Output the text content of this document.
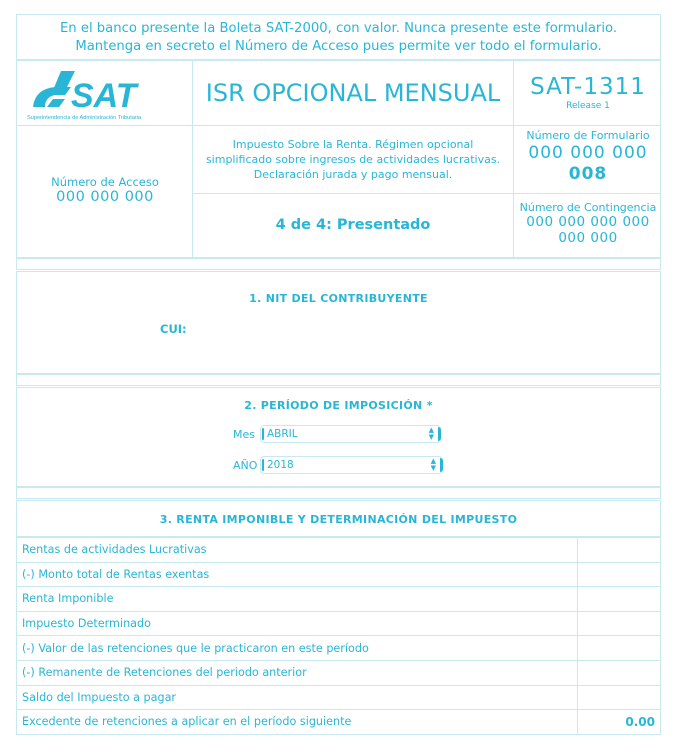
En el banco presente la Boleta SAT-2000, con valor. Nunca presente este formulario.
Mantenga en secreto el Número de Acceso pues permite ver todo el formulario.
SAT
Superintendencia de Administración Tributaria
ISR OPCIONAL MENSUAL	SAT-1311
Release 1
Número de Acceso
000 000 000
Impuesto Sobre la Renta. Régimen opcional simplificado sobre ingresos de actividades lucrativas. Declaración jurada y pago mensual.
4 de 4: Presentado
Número de Formulario
000 000 000
008
Número de Contingencia
000 000 000 000
000 000
1. NIT DEL CONTRIBUYENTE
CUI:
2. PERÍODO DE IMPOSICIÓN *
Mes	ABRIL	▲
▼
AÑO 2018	▲
▼
3. RENTA IMPONIBLE Y DETERMINACIÓN DEL IMPUESTO
Rentas de actividades Lucrativas	
(-) Monto total de Rentas exentas	
Renta Imponible	
Impuesto Determinado	
(-) Valor de las retenciones que le practicaron en este período	
(-) Remanente de Retenciones del periodo anterior	
Saldo del Impuesto a pagar	
Excedente de retenciones a aplicar en el período siguiente	0.00
